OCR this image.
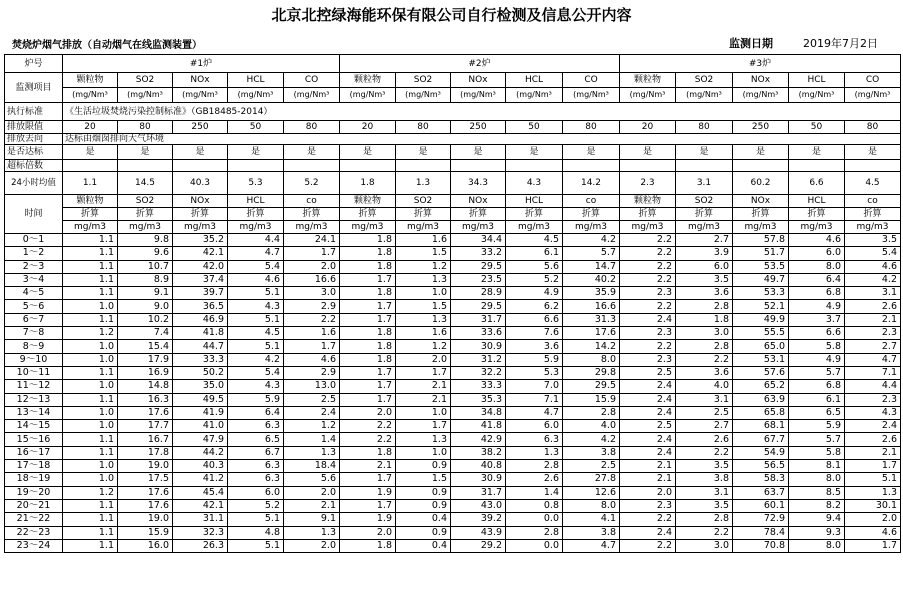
北京北控绿海能环保有限公司自行检测及信息公开内容
焚烧炉烟气排放（自动烟气在线监测装置）	监测日期	2019年7月2日
炉号	#1炉					#2炉					#3炉				
监测项目	颗粒物	SO2	NOx	HCL	CO	颗粒物	SO2	NOx	HCL	CO	颗粒物	SO2	NOx	HCL	CO
	(mg/Nm³	(mg/Nm³	(mg/Nm³	(mg/Nm³	(mg/Nm³	(mg/Nm³	(mg/Nm³	(mg/Nm³	(mg/Nm³	(mg/Nm³	(mg/Nm³	(mg/Nm³	(mg/Nm³	(mg/Nm³	(mg/Nm³
执行标准	《生活垃圾焚烧污染控制标准》（GB18485-2014）														
排放限值	20	80	250	50	80	20	80	250	50	80	20	80	250	50	80
排放去向	达标由烟囱排向大气环境														
是否达标	是	是	是	是	是	是	是	是	是	是	是	是	是	是	是
超标倍数															
24小时均值	1.1	14.5	40.3	5.3	5.2	1.8	1.3	34.3	4.3	14.2	2.3	3.1	60.2	6.6	4.5
时间	颗粒物	SO2	NOx	HCL	co	颗粒物	SO2	NOx	HCL	co	颗粒物	SO2	NOx	HCL	co
	折算	折算	折算	折算	折算	折算	折算	折算	折算	折算	折算	折算	折算	折算	折算
	mg/m3	mg/m3	mg/m3	mg/m3	mg/m3	mg/m3	mg/m3	mg/m3	mg/m3	mg/m3	mg/m3	mg/m3	mg/m3	mg/m3	mg/m3
0～1	1.1	9.8	35.2	4.4	24.1	1.8	1.6	34.4	4.5	4.2	2.2	2.7	57.8	4.6	3.5
1～2	1.1	9.6	42.1	4.7	1.7	1.8	1.5	33.2	6.1	5.7	2.2	3.9	51.7	6.0	5.4
2～3	1.1	10.7	42.0	5.4	2.0	1.8	1.2	29.5	5.6	14.7	2.2	6.0	53.5	8.0	4.6
3～4	1.1	8.9	37.4	4.6	16.6	1.7	1.3	23.5	5.2	40.2	2.2	3.5	49.7	6.4	4.2
4～5	1.1	9.1	39.7	5.1	3.0	1.8	1.0	28.9	4.9	35.9	2.3	3.6	53.3	6.8	3.1
5～6	1.0	9.0	36.5	4.3	2.9	1.7	1.5	29.5	6.2	16.6	2.2	2.8	52.1	4.9	2.6
6～7	1.1	10.2	46.9	5.1	2.2	1.7	1.3	31.7	6.6	31.3	2.4	1.8	49.9	3.7	2.1
7～8	1.2	7.4	41.8	4.5	1.6	1.8	1.6	33.6	7.6	17.6	2.3	3.0	55.5	6.6	2.3
8～9	1.0	15.4	44.7	5.1	1.7	1.8	1.2	30.9	3.6	14.2	2.2	2.8	65.0	5.8	2.7
9～10	1.0	17.9	33.3	4.2	4.6	1.8	2.0	31.2	5.9	8.0	2.3	2.2	53.1	4.9	4.7
10～11	1.1	16.9	50.2	5.4	2.9	1.7	1.7	32.2	5.3	29.8	2.5	3.6	57.6	5.7	7.1
11～12	1.0	14.8	35.0	4.3	13.0	1.7	2.1	33.3	7.0	29.5	2.4	4.0	65.2	6.8	4.4
12～13	1.1	16.3	49.5	5.9	2.5	1.7	2.1	35.3	7.1	15.9	2.4	3.1	63.9	6.1	2.3
13～14	1.0	17.6	41.9	6.4	2.4	2.0	1.0	34.8	4.7	2.8	2.4	2.5	65.8	6.5	4.3
14～15	1.0	17.7	41.0	6.3	1.2	2.2	1.7	41.8	6.0	4.0	2.5	2.7	68.1	5.9	2.4
15～16	1.1	16.7	47.9	6.5	1.4	2.2	1.3	42.9	6.3	4.2	2.4	2.6	67.7	5.7	2.6
16～17	1.1	17.8	44.2	6.7	1.3	1.8	1.0	38.2	1.3	3.8	2.4	2.2	54.9	5.8	2.1
17～18	1.0	19.0	40.3	6.3	18.4	2.1	0.9	40.8	2.8	2.5	2.1	3.5	56.5	8.1	1.7
18～19	1.0	17.5	41.2	6.3	5.6	1.7	1.5	30.9	2.6	27.8	2.1	3.8	58.3	8.0	5.1
19～20	1.2	17.6	45.4	6.0	2.0	1.9	0.9	31.7	1.4	12.6	2.0	3.1	63.7	8.5	1.3
20～21	1.1	17.6	42.1	5.2	2.1	1.7	0.9	43.0	0.8	8.0	2.3	3.5	60.1	8.2	30.1
21～22	1.1	19.0	31.1	5.1	9.1	1.9	0.4	39.2	0.0	4.1	2.2	2.8	72.9	9.4	2.0
22～23	1.1	15.9	32.3	4.8	1.3	2.0	0.9	43.9	2.8	3.8	2.4	2.2	78.4	9.3	4.6
23～24	1.1	16.0	26.3	5.1	2.0	1.8	0.4	29.2	0.0	4.7	2.2	3.0	70.8	8.0	1.7
